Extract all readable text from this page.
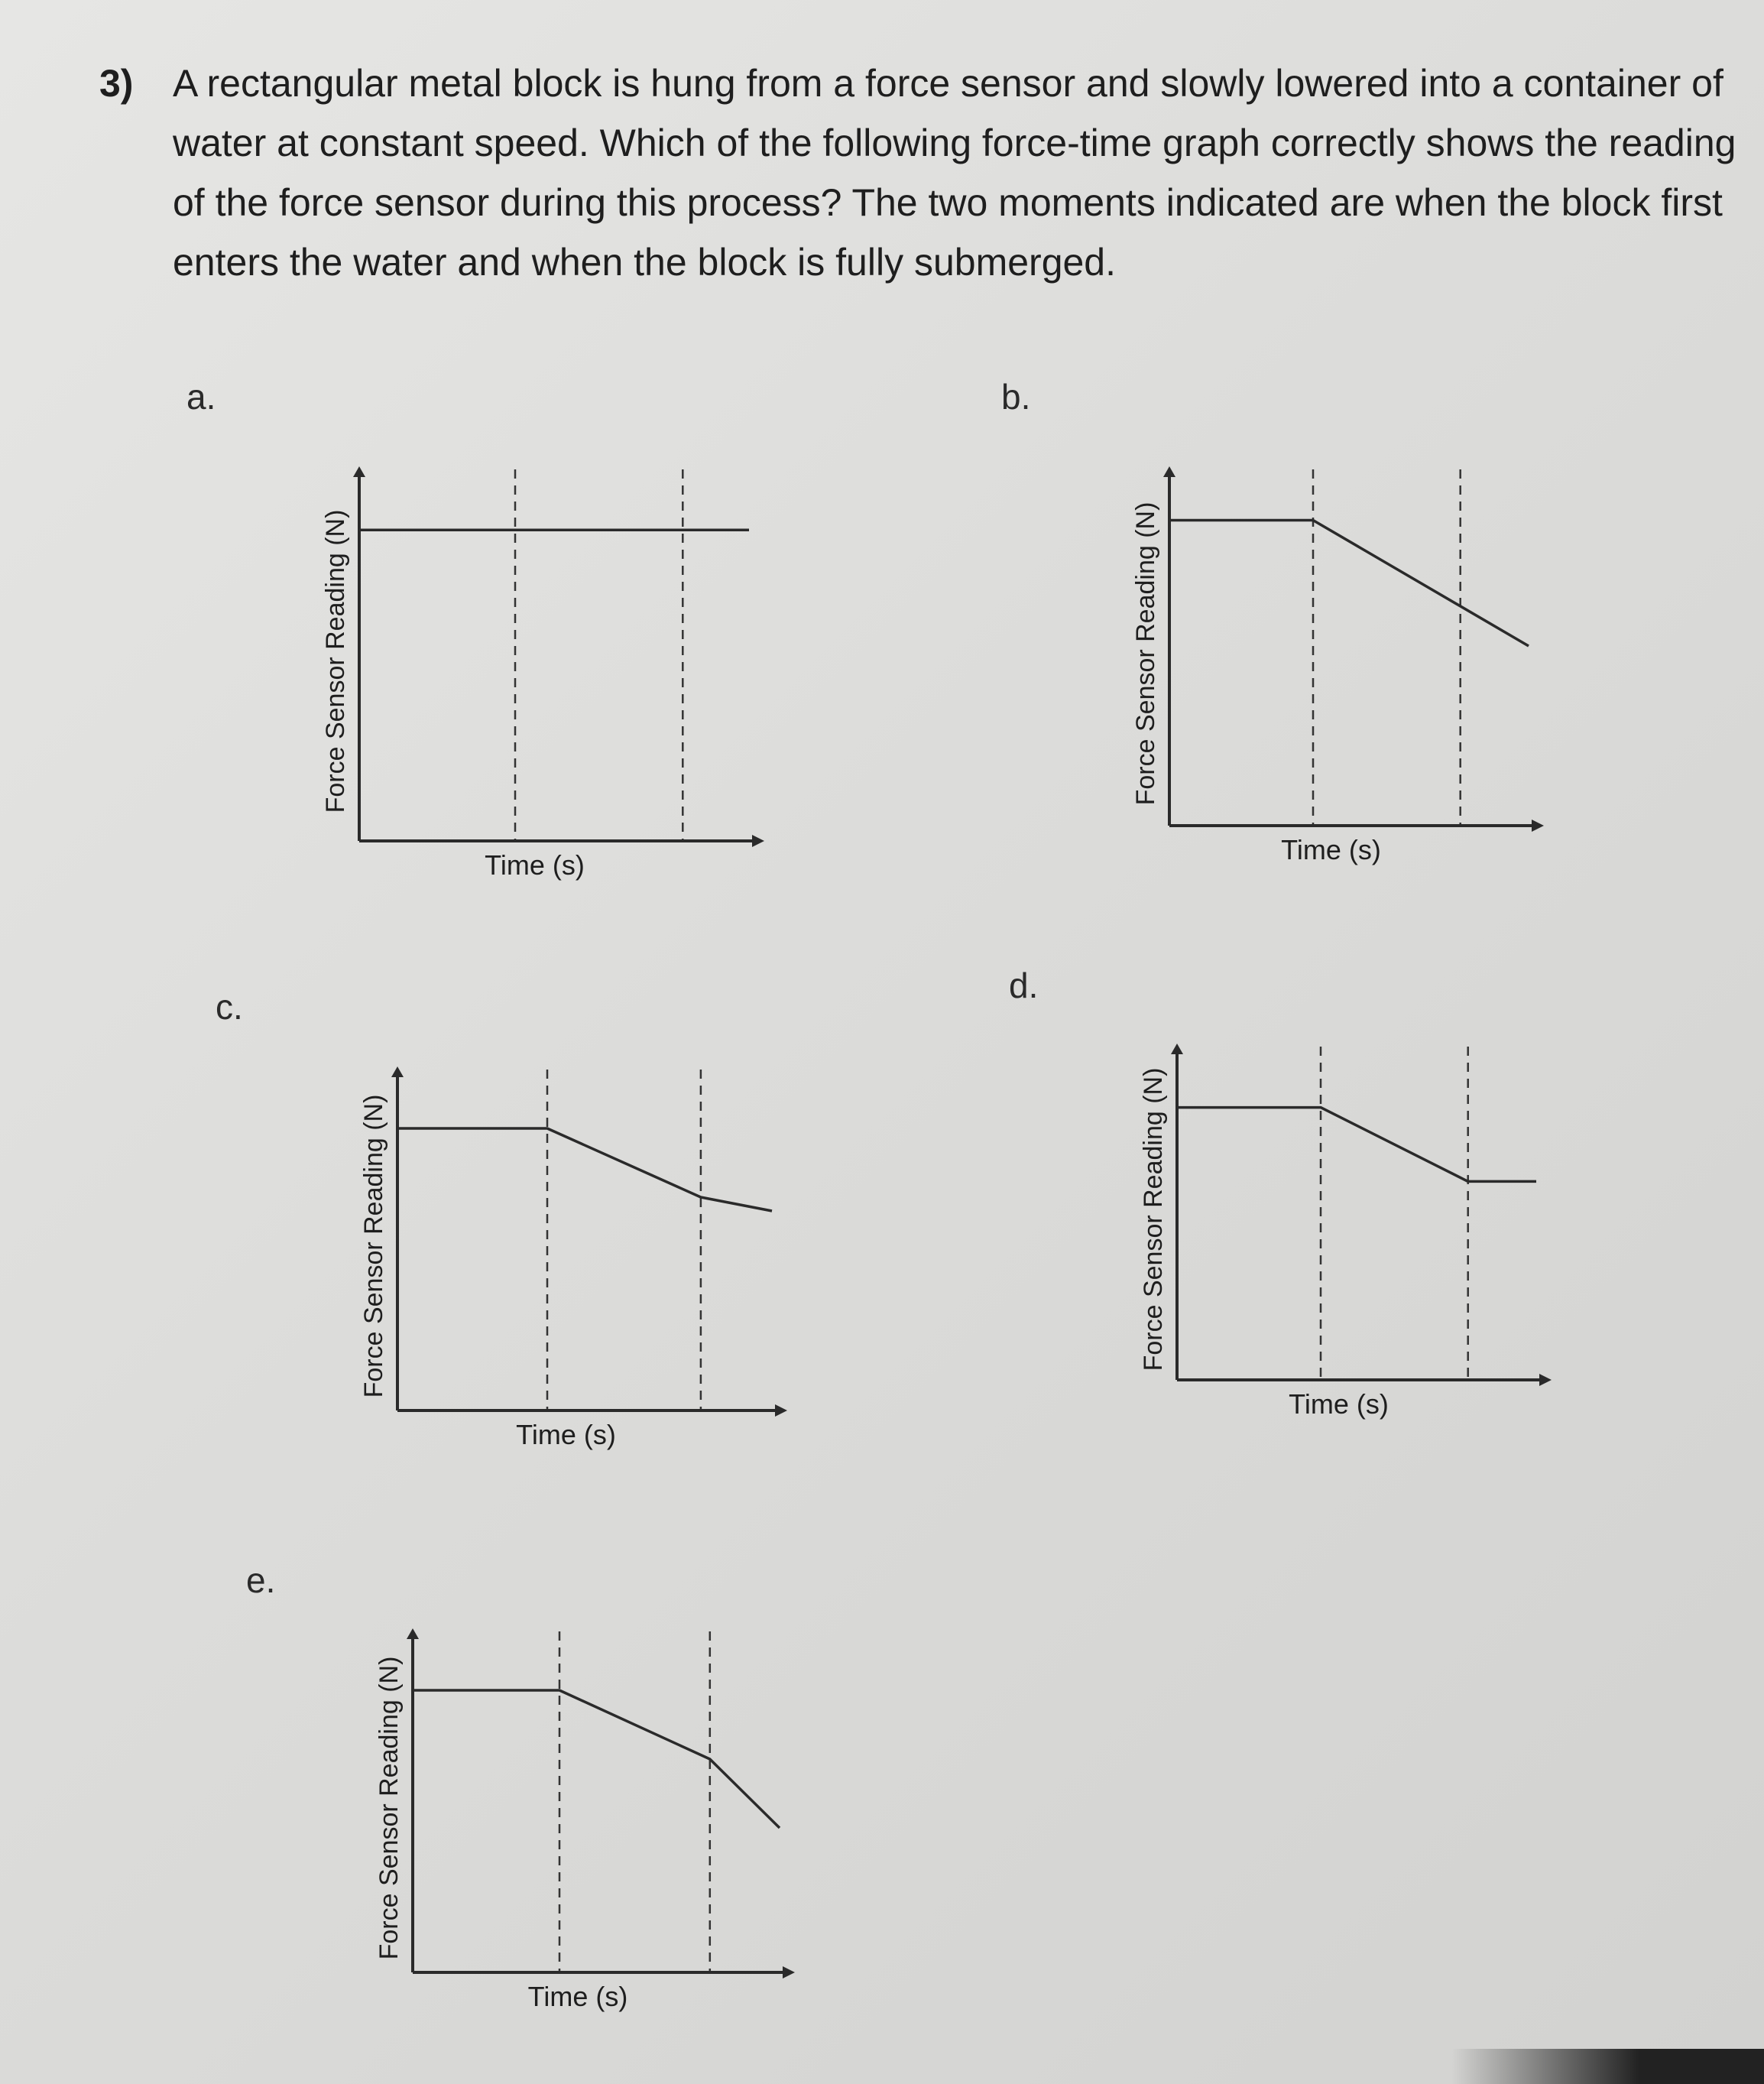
3) A rectangular metal block is hung from a force sensor and slowly lowered into a container of water at constant speed. Which of the following force-time graph correctly shows the reading of the force sensor during this process? The two moments indicated are when the block first enters the water and when the block is fully submerged.
a.	b.
c.
d.
e.
Time (s)
Force Sensor Reading (N)
Time (s)
Force Sensor Reading (N)
Time (s)
Force Sensor Reading (N)
Time (s)
Force Sensor Reading (N)
Time (s)
Force Sensor Reading (N)
